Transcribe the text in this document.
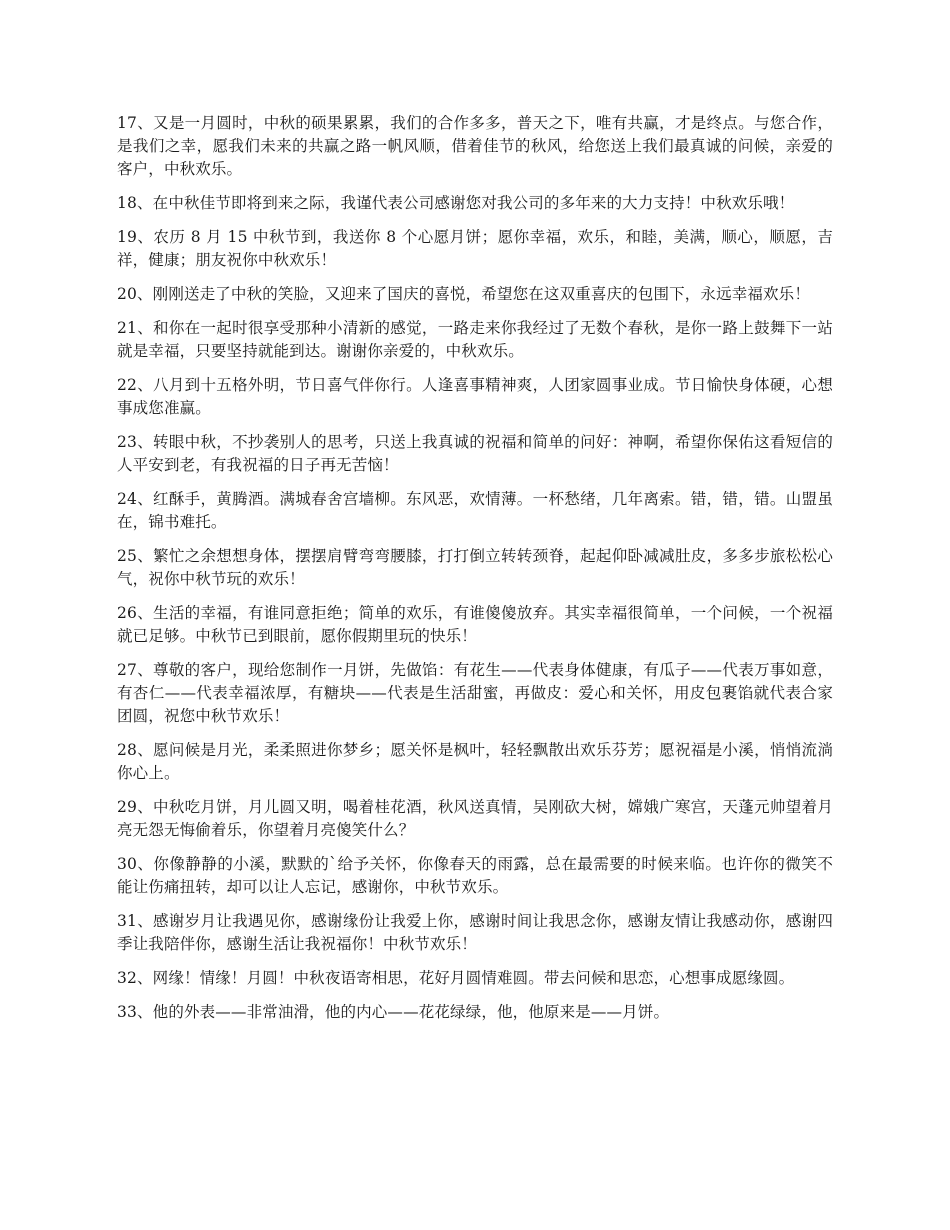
17、又是一月圆时，中秋的硕果累累，我们的合作多多，普天之下，唯有共赢，才是终点。与您合作，是我们之幸，愿我们未来的共赢之路一帆风顺，借着佳节的秋风，给您送上我们最真诚的问候，亲爱的客户，中秋欢乐。

18、在中秋佳节即将到来之际，我谨代表公司感谢您对我公司的多年来的大力支持！中秋欢乐哦！

19、农历 8 月 15 中秋节到，我送你 8 个心愿月饼；愿你幸福，欢乐，和睦，美满，顺心，顺愿，吉祥，健康；朋友祝你中秋欢乐！

20、刚刚送走了中秋的笑脸，又迎来了国庆的喜悦，希望您在这双重喜庆的包围下，永远幸福欢乐！

21、和你在一起时很享受那种小清新的感觉，一路走来你我经过了无数个春秋，是你一路上鼓舞下一站就是幸福，只要坚持就能到达。谢谢你亲爱的，中秋欢乐。

22、八月到十五格外明，节日喜气伴你行。人逢喜事精神爽，人团家圆事业成。节日愉快身体硬，心想事成您准赢。

23、转眼中秋，不抄袭别人的思考，只送上我真诚的祝福和简单的问好：神啊，希望你保佑这看短信的人平安到老，有我祝福的日子再无苦恼！

24、红酥手，黄腾酒。满城春舍宫墙柳。东风恶，欢情薄。一杯愁绪，几年离索。错，错，错。山盟虽在，锦书难托。

25、繁忙之余想想身体，摆摆肩臂弯弯腰膝，打打倒立转转颈脊，起起仰卧减减肚皮，多多步旅松松心气，祝你中秋节玩的欢乐！

26、生活的幸福，有谁同意拒绝；简单的欢乐，有谁傻傻放弃。其实幸福很简单，一个问候，一个祝福就已足够。中秋节已到眼前，愿你假期里玩的快乐！

27、尊敬的客户，现给您制作一月饼，先做馅：有花生——代表身体健康，有瓜子——代表万事如意，有杏仁——代表幸福浓厚，有糖块——代表是生活甜蜜，再做皮：爱心和关怀，用皮包裹馅就代表合家团圆，祝您中秋节欢乐！

28、愿问候是月光，柔柔照进你梦乡；愿关怀是枫叶，轻轻飘散出欢乐芬芳；愿祝福是小溪，悄悄流淌你心上。

29、中秋吃月饼，月儿圆又明，喝着桂花酒，秋风送真情，吴刚砍大树，嫦娥广寒宫，天蓬元帅望着月亮无怨无悔偷着乐，你望着月亮傻笑什么？

30、你像静静的小溪，默默的`给予关怀，你像春天的雨露，总在最需要的时候来临。也许你的微笑不能让伤痛扭转，却可以让人忘记，感谢你，中秋节欢乐。

31、感谢岁月让我遇见你，感谢缘份让我爱上你，感谢时间让我思念你，感谢友情让我感动你，感谢四季让我陪伴你，感谢生活让我祝福你！中秋节欢乐！

32、网缘！情缘！月圆！中秋夜语寄相思，花好月圆情难圆。带去问候和思恋，心想事成愿缘圆。

33、他的外表——非常油滑，他的内心——花花绿绿，他，他原来是——月饼。
